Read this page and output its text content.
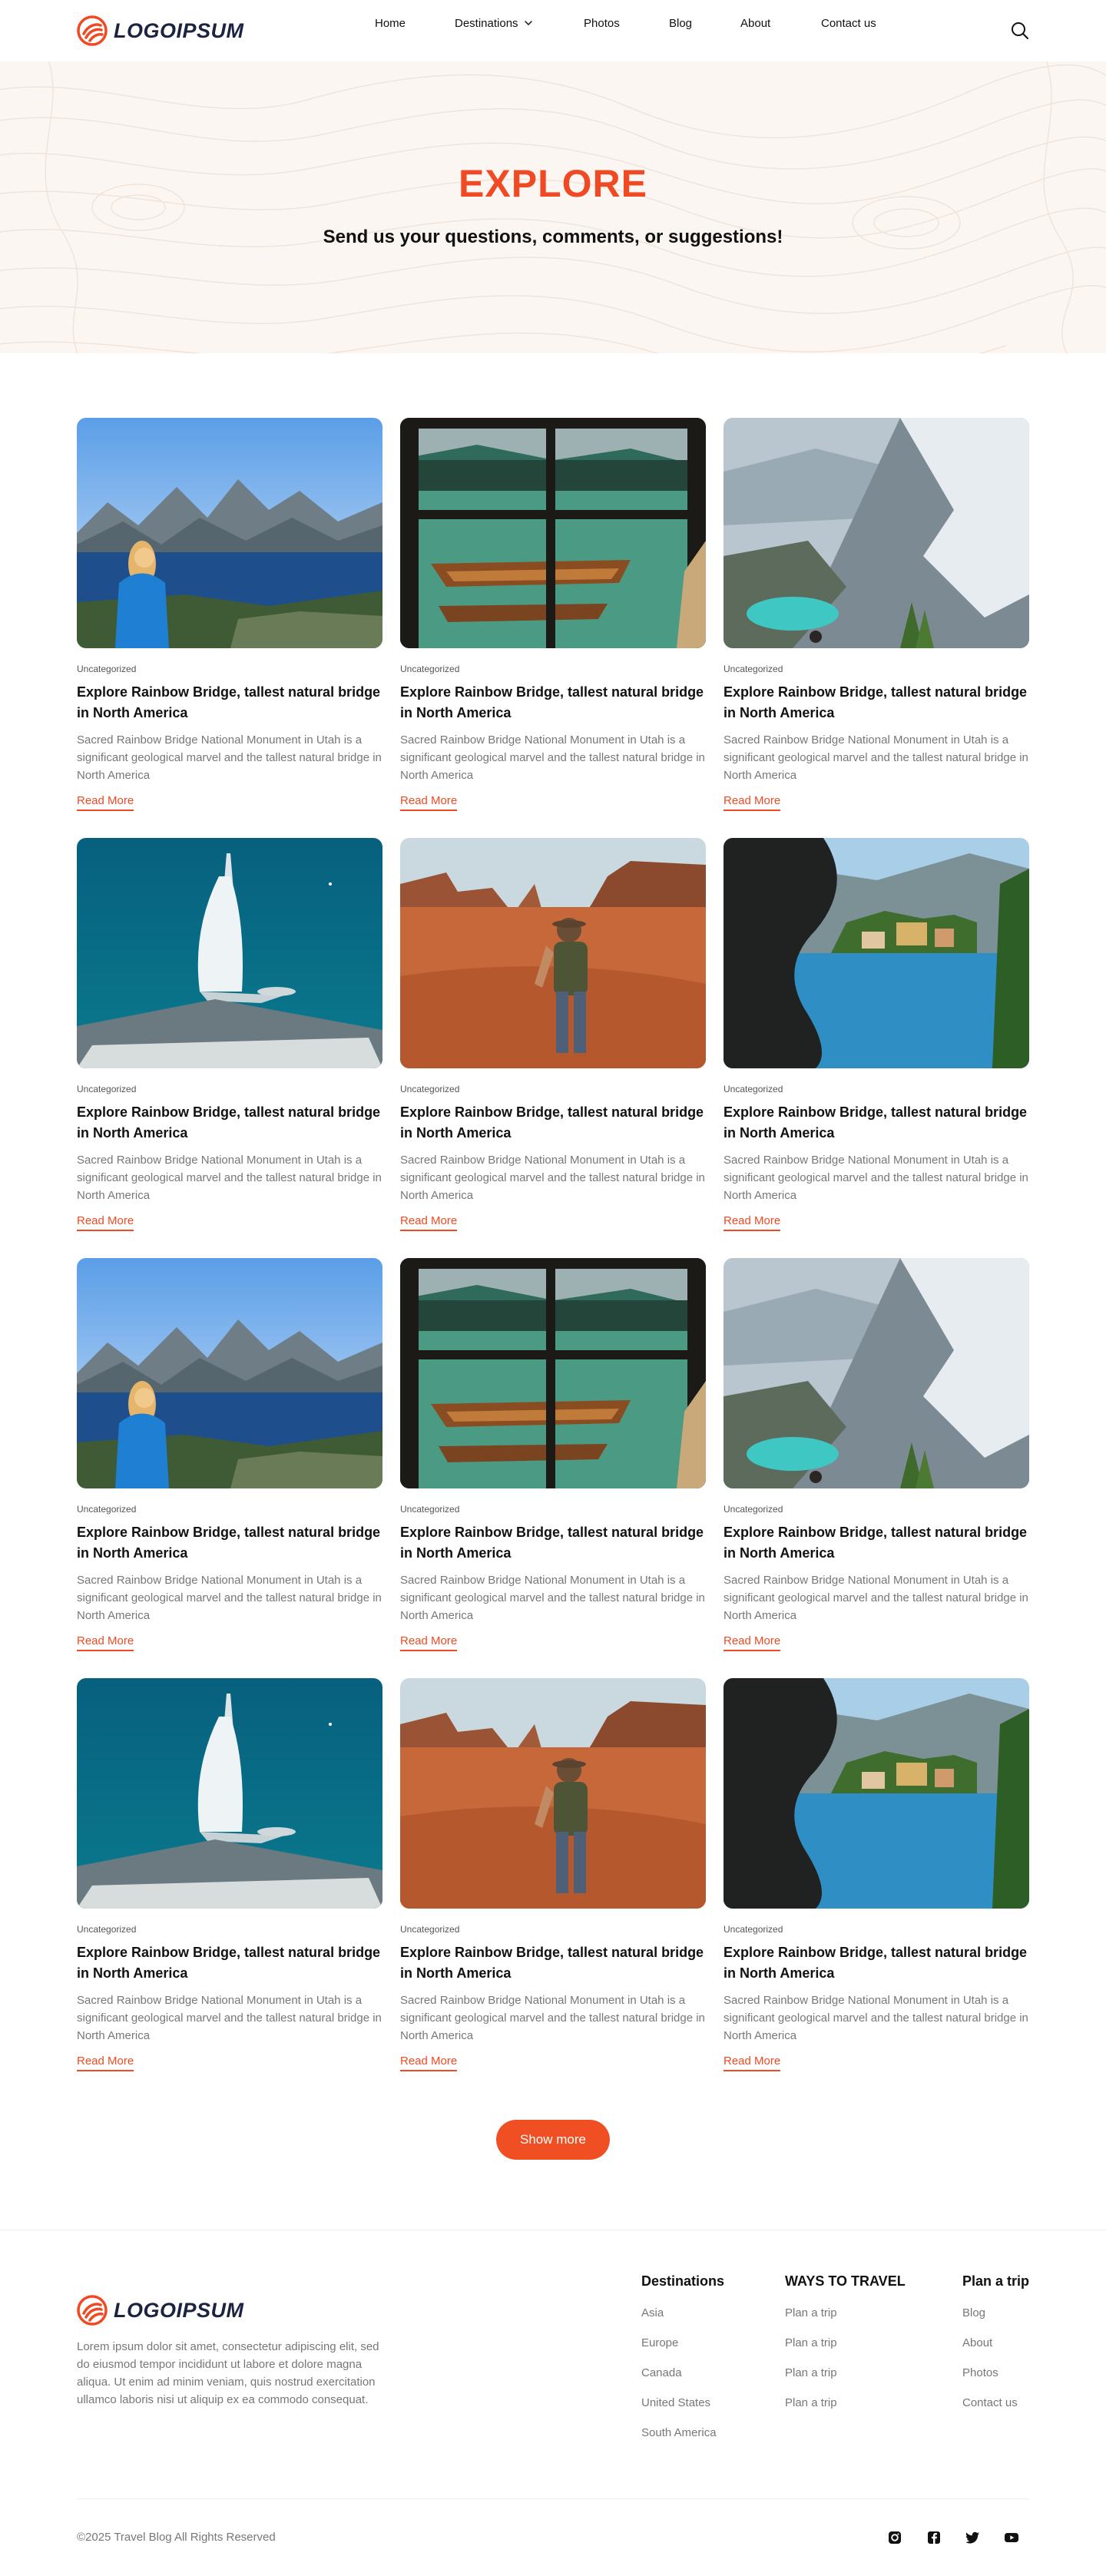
LOGOIPSUM	Home	Destinations	Photos	Blog	About	Contact us
EXPLORE

Send us your questions, comments, or suggestions!

Uncategorized
Explore Rainbow Bridge, tallest natural bridge in North America

Sacred Rainbow Bridge National Monument in Utah is a significant geological marvel and the tallest natural bridge in North America

Read More
Uncategorized
Explore Rainbow Bridge, tallest natural bridge in North America

Sacred Rainbow Bridge National Monument in Utah is a significant geological marvel and the tallest natural bridge in North America

Read More
Uncategorized
Explore Rainbow Bridge, tallest natural bridge in North America

Sacred Rainbow Bridge National Monument in Utah is a significant geological marvel and the tallest natural bridge in North America

Read More
Uncategorized
Explore Rainbow Bridge, tallest natural bridge in North America

Sacred Rainbow Bridge National Monument in Utah is a significant geological marvel and the tallest natural bridge in North America

Read More
Uncategorized
Explore Rainbow Bridge, tallest natural bridge in North America

Sacred Rainbow Bridge National Monument in Utah is a significant geological marvel and the tallest natural bridge in North America

Read More
Uncategorized
Explore Rainbow Bridge, tallest natural bridge in North America

Sacred Rainbow Bridge National Monument in Utah is a significant geological marvel and the tallest natural bridge in North America

Read More
Uncategorized
Explore Rainbow Bridge, tallest natural bridge in North America

Sacred Rainbow Bridge National Monument in Utah is a significant geological marvel and the tallest natural bridge in North America

Read More
Uncategorized
Explore Rainbow Bridge, tallest natural bridge in North America

Sacred Rainbow Bridge National Monument in Utah is a significant geological marvel and the tallest natural bridge in North America

Read More
Uncategorized
Explore Rainbow Bridge, tallest natural bridge in North America

Sacred Rainbow Bridge National Monument in Utah is a significant geological marvel and the tallest natural bridge in North America

Read More
Uncategorized
Explore Rainbow Bridge, tallest natural bridge in North America

Sacred Rainbow Bridge National Monument in Utah is a significant geological marvel and the tallest natural bridge in North America

Read More
Uncategorized
Explore Rainbow Bridge, tallest natural bridge in North America

Sacred Rainbow Bridge National Monument in Utah is a significant geological marvel and the tallest natural bridge in North America

Read More
Uncategorized
Explore Rainbow Bridge, tallest natural bridge in North America

Sacred Rainbow Bridge National Monument in Utah is a significant geological marvel and the tallest natural bridge in North America

Read More
Show more
LOGOIPSUM

Lorem ipsum dolor sit amet, consectetur adipiscing elit, sed do eiusmod tempor incididunt ut labore et dolore magna aliqua. Ut enim ad minim veniam, quis nostrud exercitation ullamco laboris nisi ut aliquip ex ea commodo consequat.

Destinations
Asia
Europe
Canada
United States
South America
WAYS TO TRAVEL
Plan a trip
Plan a trip
Plan a trip
Plan a trip
Plan a trip
Blog
About
Photos
Contact us

©2025 Travel Blog All Rights Reserved
